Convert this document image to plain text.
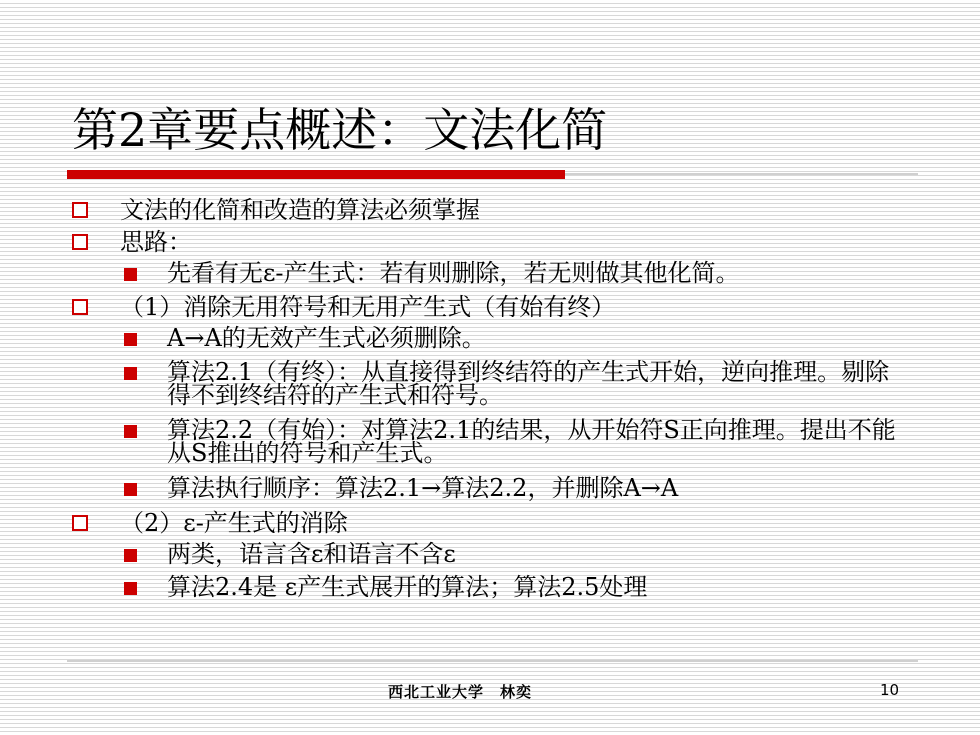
第2章要点概述：文法化简
文法的化简和改造的算法必须掌握
思路：
先看有无ε-产生式：若有则删除，若无则做其他化简。
（1）消除无用符号和无用产生式（有始有终）
A→A的无效产生式必须删除。
算法2.1（有终）：从直接得到终结符的产生式开始，逆向推理。剔除得不到终结符的产生式和符号。
算法2.2（有始）：对算法2.1的结果，从开始符S正向推理。提出不能从S推出的符号和产生式。
算法执行顺序：算法2.1→算法2.2，并删除A→A
（2）ε-产生式的消除
两类，语言含ε和语言不含ε
算法2.4是 ε产生式展开的算法；算法2.5处理
西北工业大学　林奕	10
